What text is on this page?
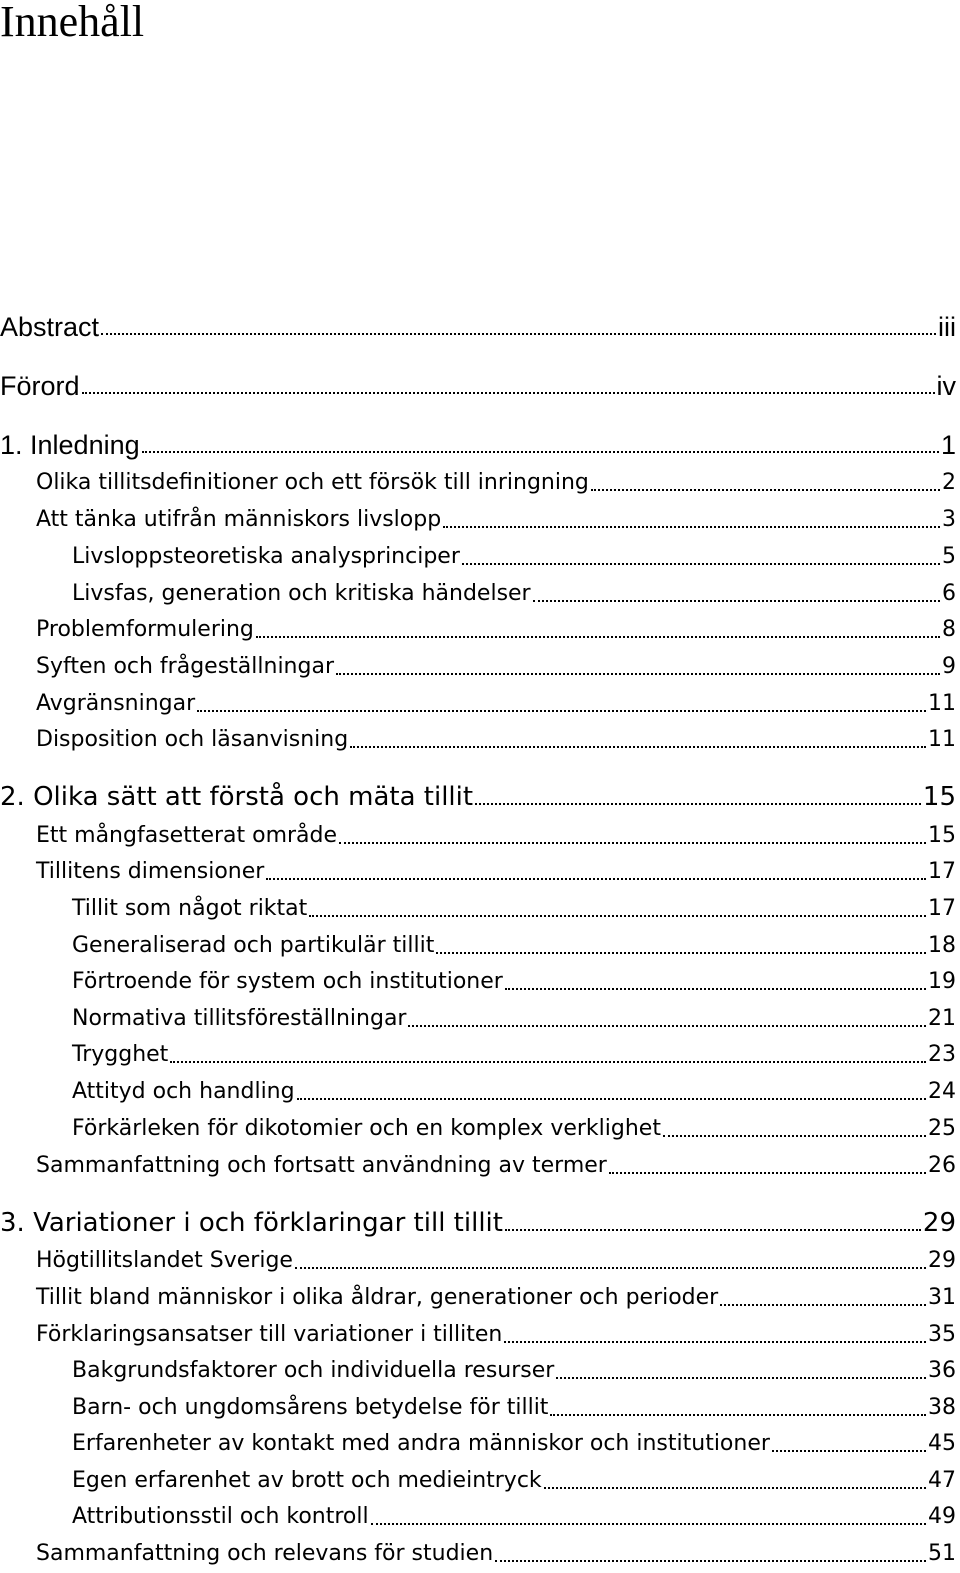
Innehåll
Abstract	iii
Förord	iv
1. Inledning	1
Olika tillitsdefinitioner och ett försök till inringning	2
Att tänka utifrån människors livslopp	3
Livsloppsteoretiska analysprinciper	5
Livsfas, generation och kritiska händelser	6
Problemformulering	8
Syften och frågeställningar	9
Avgränsningar	11
Disposition och läsanvisning	11
2. Olika sätt att förstå och mäta tillit	15
Ett mångfasetterat område	15
Tillitens dimensioner	17
Tillit som något riktat	17
Generaliserad och partikulär tillit	18
Förtroende för system och institutioner	19
Normativa tillitsföreställningar	21
Trygghet	23
Attityd och handling	24
Förkärleken för dikotomier och en komplex verklighet	25
Sammanfattning och fortsatt användning av termer	26
3. Variationer i och förklaringar till tillit	29
Högtillitslandet Sverige	29
Tillit bland människor i olika åldrar, generationer och perioder	31
Förklaringsansatser till variationer i tilliten	35
Bakgrundsfaktorer och individuella resurser	36
Barn- och ungdomsårens betydelse för tillit	38
Erfarenheter av kontakt med andra människor och institutioner	45
Egen erfarenhet av brott och medieintryck	47
Attributionsstil och kontroll	49
Sammanfattning och relevans för studien	51
